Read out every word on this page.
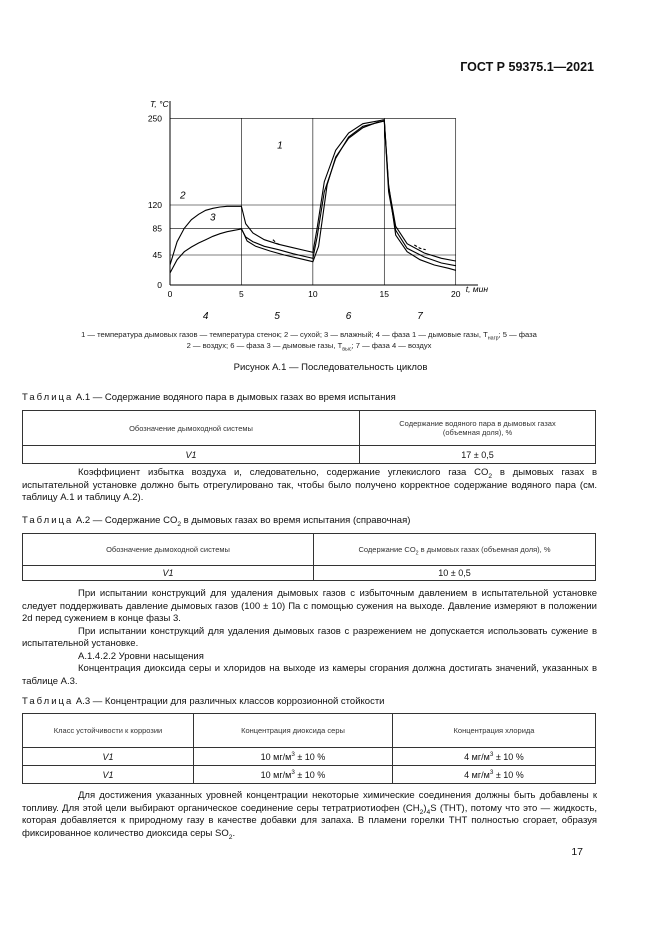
ГОСТ Р 59375.1—2021
250
120
85
45
0
0	5	10	15	20
T, °C
t, мин
1
2
3
4	5	6	7
1 — температура дымовых газов — температура стенок; 2 — сухой; 3 — влажный; 4 — фаза 1 — дымовые газы, $T_{нагр}$; 5 — фаза
2 — воздух; 6 — фаза 3 — дымовые газы, $T_{выс}$; 7 — фаза 4 — воздух
Рисунок А.1 — Последовательность циклов
Таблица А.1 — Содержание водяного пара в дымовых газах во время испытания
Обозначение дымоходной системы	Содержание водяного пара в дымовых газах
(объемная доля), %
V1	17 ± 0,5

Коэффициент избытка воздуха и, следовательно, содержание углекислого газа $CO_2$ в дымовых газах в испытательной установке должно быть отрегулировано так, чтобы было получено корректное содержание водяного пара (см. таблицу А.1 и таблицу А.2).

Таблица А.2 — Содержание $CO_2$ в дымовых газах во время испытания (справочная)
Обозначение дымоходной системы	Содержание $CO_2$ в дымовых газах (объемная доля), %
V1	10 ± 0,5

При испытании конструкций для удаления дымовых газов с избыточным давлением в испытательной установке следует поддерживать давление дымовых газов (100 ± 10) Па с помощью сужения на выходе. Давление измеряют в положении 2d перед сужением в конце фазы 3.

При испытании конструкций для удаления дымовых газов с разрежением не допускается использовать сужение в испытательной установке.

А.1.4.2.2 Уровни насыщения

Концентрация диоксида серы и хлоридов на выходе из камеры сгорания должна достигать значений, указанных в таблице А.3.

Таблица А.3 — Концентрации для различных классов коррозионной стойкости
Класс устойчивости к коррозии	Концентрация диоксида серы	Концентрация хлорида
V1	10 $мг/м^3 \pm 10$ %	4 $мг/м^3 \pm 10$ %
V1	10 $мг/м^3 \pm 10$ %	4 $мг/м^3 \pm 10$ %

Для достижения указанных уровней концентрации некоторые химические соединения должны быть добавлены к топливу. Для этой цели выбирают органическое соединение серы тетратриотиофен $(CH_2)_4S$ (THT), потому что это — жидкость, которая добавляется к природному газу в качестве добавки для запаха. В пламени горелки THT полностью сгорает, образуя фиксированное количество диоксида серы $SO_2$.

17
